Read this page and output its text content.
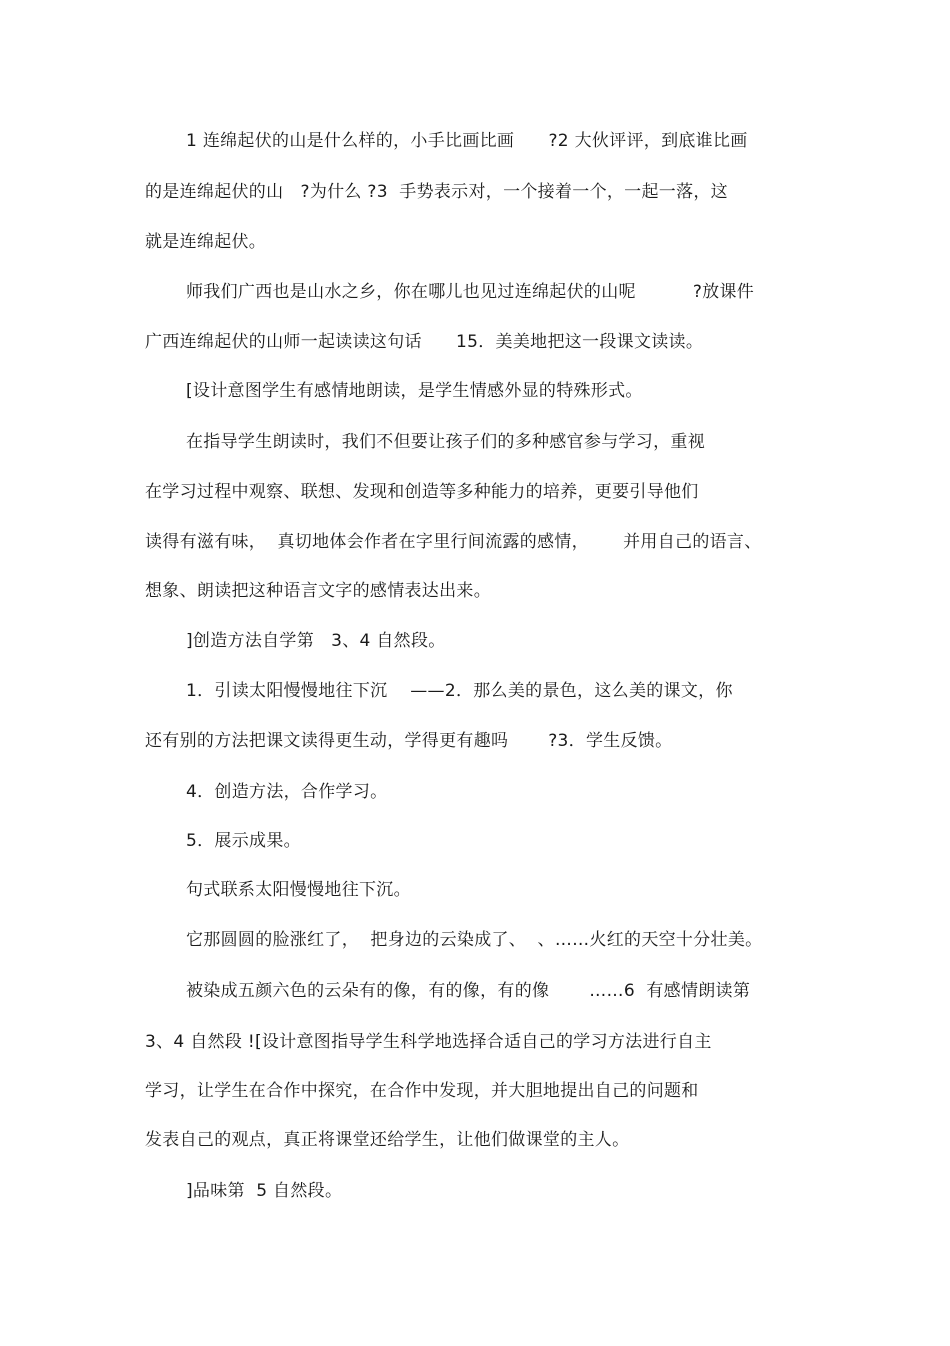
1 连绵起伏的山是什么样的，小手比画比画      ?2 大伙评评，到底谁比画
的是连绵起伏的山   ?为什么 ?3  手势表示对，一个接着一个，一起一落，这
就是连绵起伏。
师我们广西也是山水之乡，你在哪儿也见过连绵起伏的山呢          ?放课件
广西连绵起伏的山师一起读读这句话      15．美美地把这一段课文读读。
[设计意图学生有感情地朗读，是学生情感外显的特殊形式。
在指导学生朗读时，我们不但要让孩子们的多种感官参与学习，重视
在学习过程中观察、联想、发现和创造等多种能力的培养，更要引导他们
读得有滋有味，  真切地体会作者在字里行间流露的感情，      并用自己的语言、
想象、朗读把这种语言文字的感情表达出来。
]创造方法自学第   3、4 自然段。
1．引读太阳慢慢地往下沉    ——2．那么美的景色，这么美的课文，你
还有别的方法把课文读得更生动，学得更有趣吗       ?3．学生反馈。
4．创造方法，合作学习。
5．展示成果。
句式联系太阳慢慢地往下沉。
它那圆圆的脸涨红了，  把身边的云染成了、  、……火红的天空十分壮美。
被染成五颜六色的云朵有的像，有的像，有的像       ……6  有感情朗读第
3、4 自然段 ![设计意图指导学生科学地选择合适自己的学习方法进行自主
学习，让学生在合作中探究，在合作中发现，并大胆地提出自己的问题和
发表自己的观点，真正将课堂还给学生，让他们做课堂的主人。
]品味第  5 自然段。
